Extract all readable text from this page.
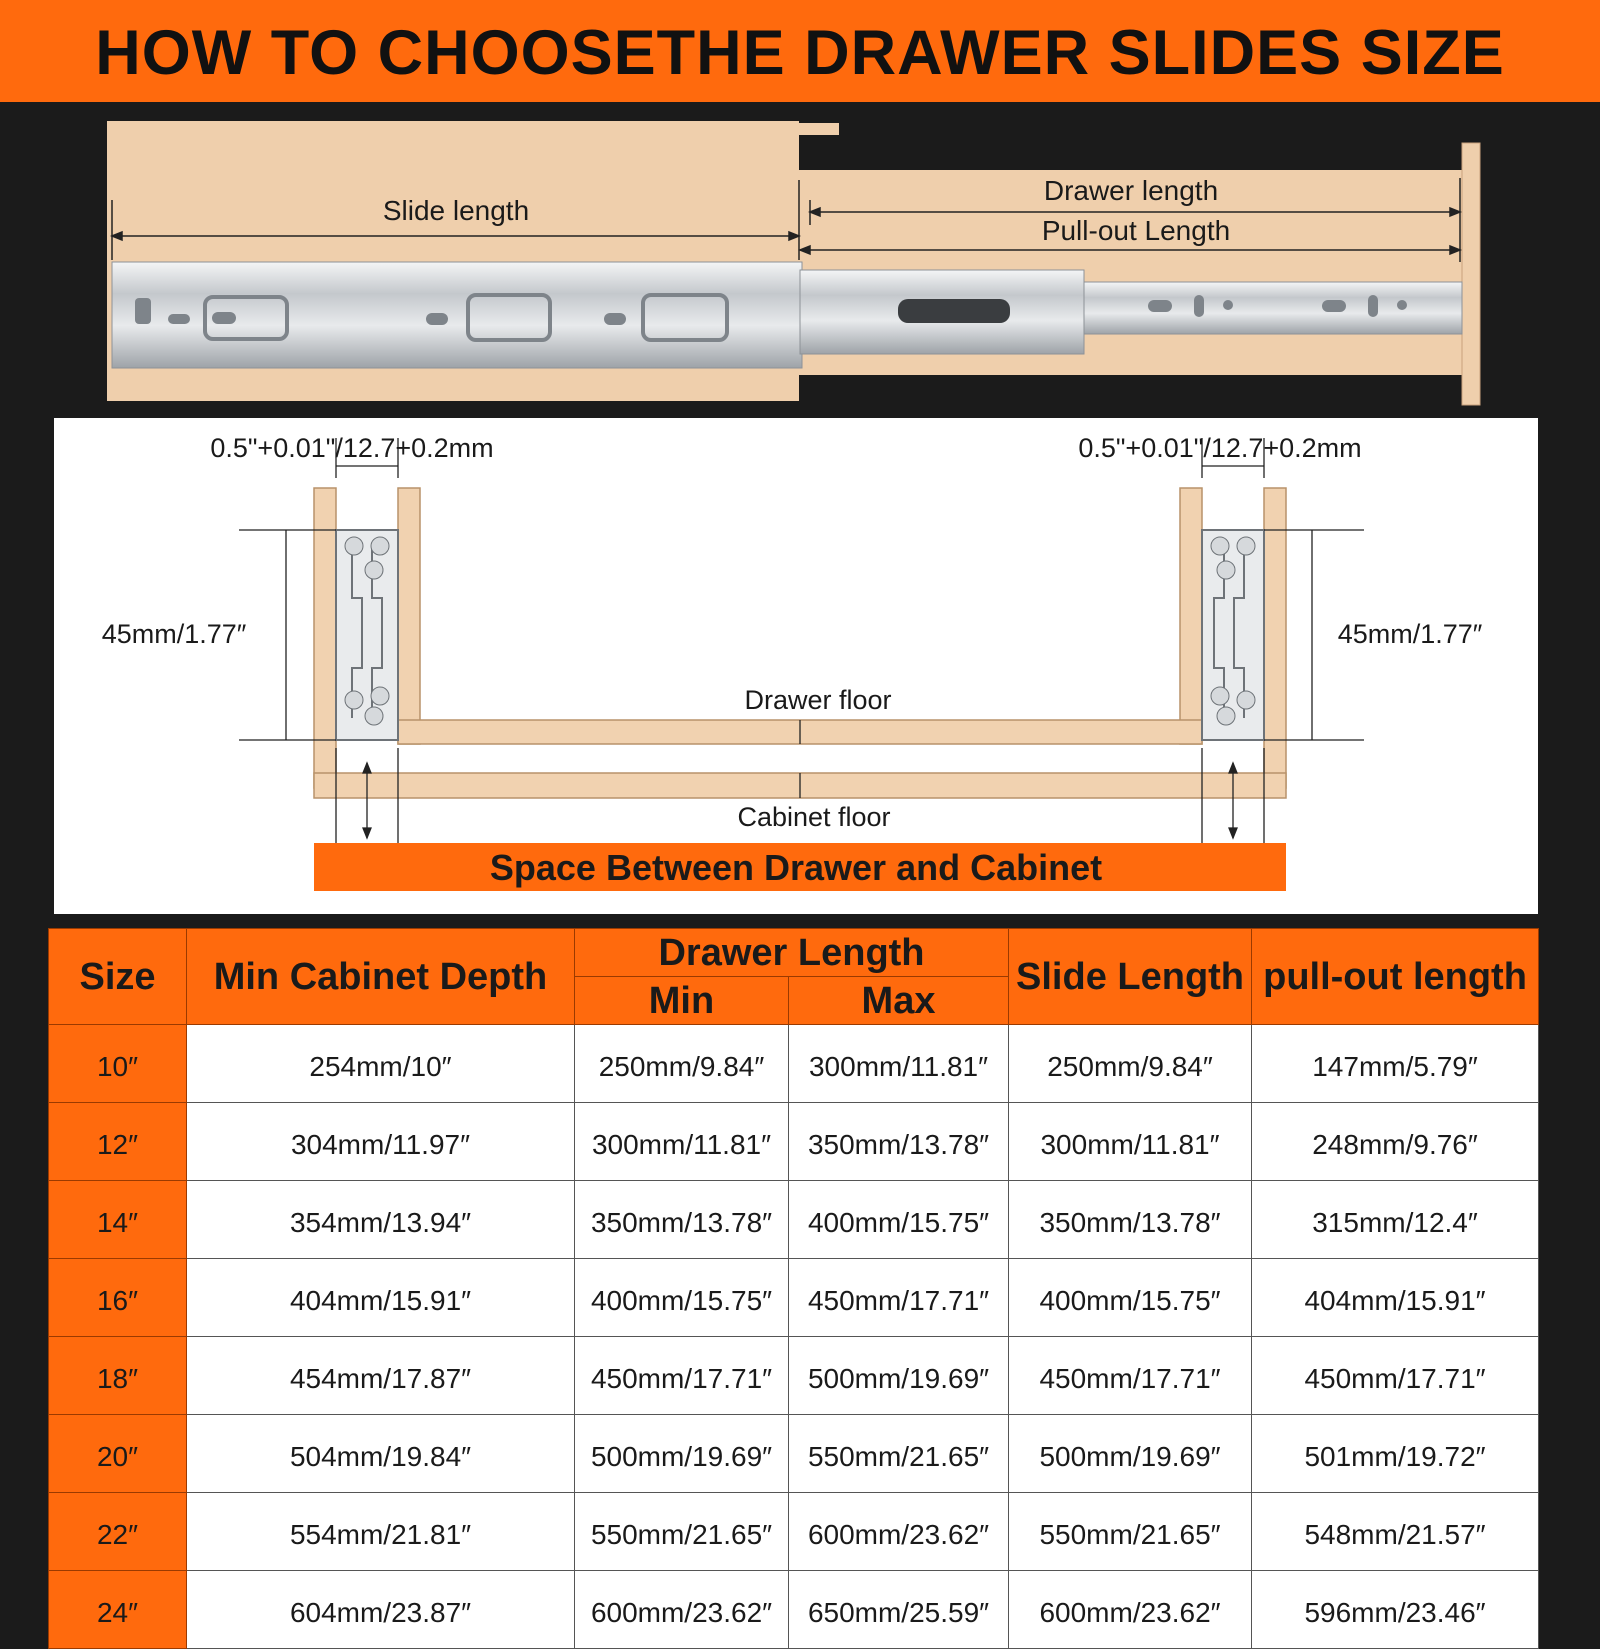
HOW TO CHOOSETHE DRAWER SLIDES SIZE
Slide length
Drawer length
Pull-out Length
0.5"+0.01"/12.7+0.2mm	0.5"+0.01"/12.7+0.2mm
45mm/1.77″	45mm/1.77″
Drawer floor
Cabinet floor
Space Between Drawer and Cabinet
Size	Min Cabinet Depth	Drawer Length		Slide Length	pull-out length
		Min	Max		
10″	254mm/10″	250mm/9.84″	300mm/11.81″	250mm/9.84″	147mm/5.79″
12″	304mm/11.97″	300mm/11.81″	350mm/13.78″	300mm/11.81″	248mm/9.76″
14″	354mm/13.94″	350mm/13.78″	400mm/15.75″	350mm/13.78″	315mm/12.4″
16″	404mm/15.91″	400mm/15.75″	450mm/17.71″	400mm/15.75″	404mm/15.91″
18″	454mm/17.87″	450mm/17.71″	500mm/19.69″	450mm/17.71″	450mm/17.71″
20″	504mm/19.84″	500mm/19.69″	550mm/21.65″	500mm/19.69″	501mm/19.72″
22″	554mm/21.81″	550mm/21.65″	600mm/23.62″	550mm/21.65″	548mm/21.57″
24″	604mm/23.87″	600mm/23.62″	650mm/25.59″	600mm/23.62″	596mm/23.46″
